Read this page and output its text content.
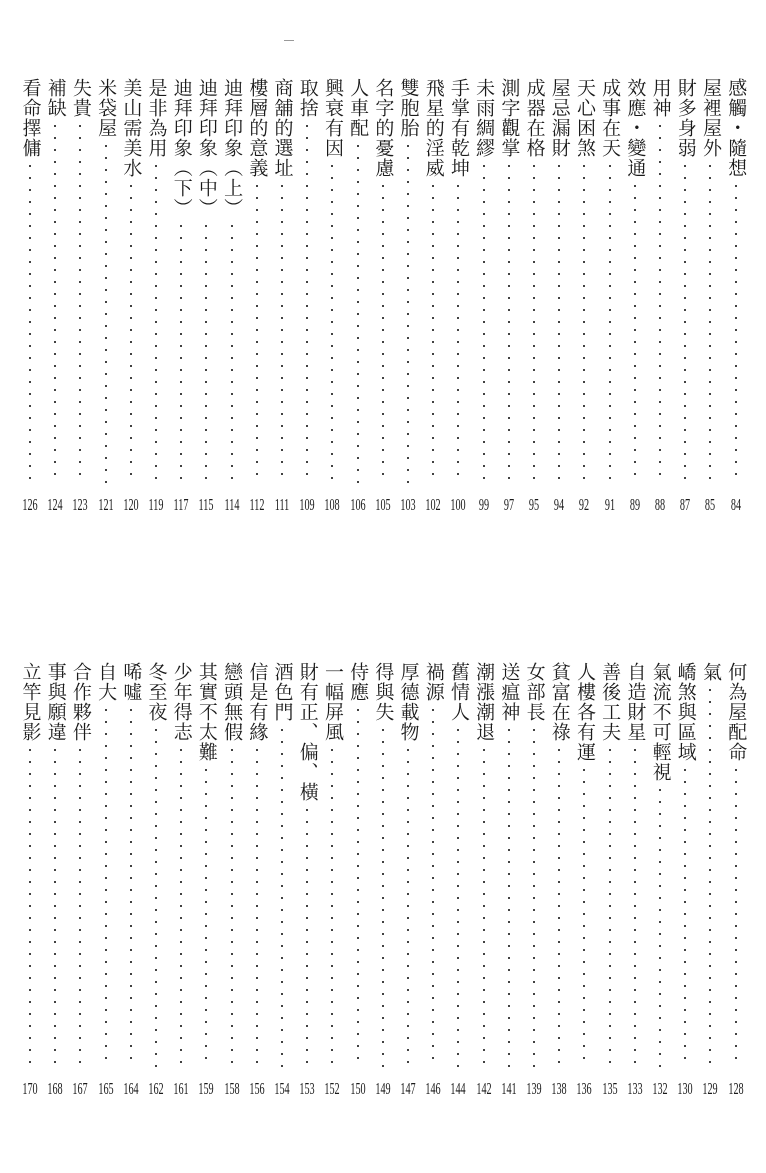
感觸・隨想
84
屋裡屋外
85
財多身弱
87
用神
88
效應・變通
89
成事在天
91
天心困煞
92
屋忌漏財
94
成器在格
95
測字觀掌
97
未雨綢繆
99
手掌有乾坤
100
飛星的淫威
102
雙胞胎
103
名字的憂慮
105
人車配
106
興衰有因
108
取捨
109
商舖的選址
111
樓層的意義
112
迪拜印象（上）
114
迪拜印象（中）
115
迪拜印象（下）
117
是非為用
119
美山需美水
120
米袋屋
121
失貴
123
補缺
124
看命擇傭
126
何為屋配命
128
氣
129
嶠煞與區域
130
氣流不可輕視
132
自造財星
133
善後工夫
135
人樓各有運
136
貧富在祿
138
女部長
139
送瘟神
141
潮漲潮退
142
舊情人
144
禍源
146
厚德載物
147
得與失
149
侍應
150
一幅屏風
152
財有正、偏、橫
153
酒色門
154
信是有緣
156
戀頭無假
158
其實不太難
159
少年得志
161
冬至夜
162
唏噓
164
自大
165
合作夥伴
167
事與願違
168
立竿見影
170
